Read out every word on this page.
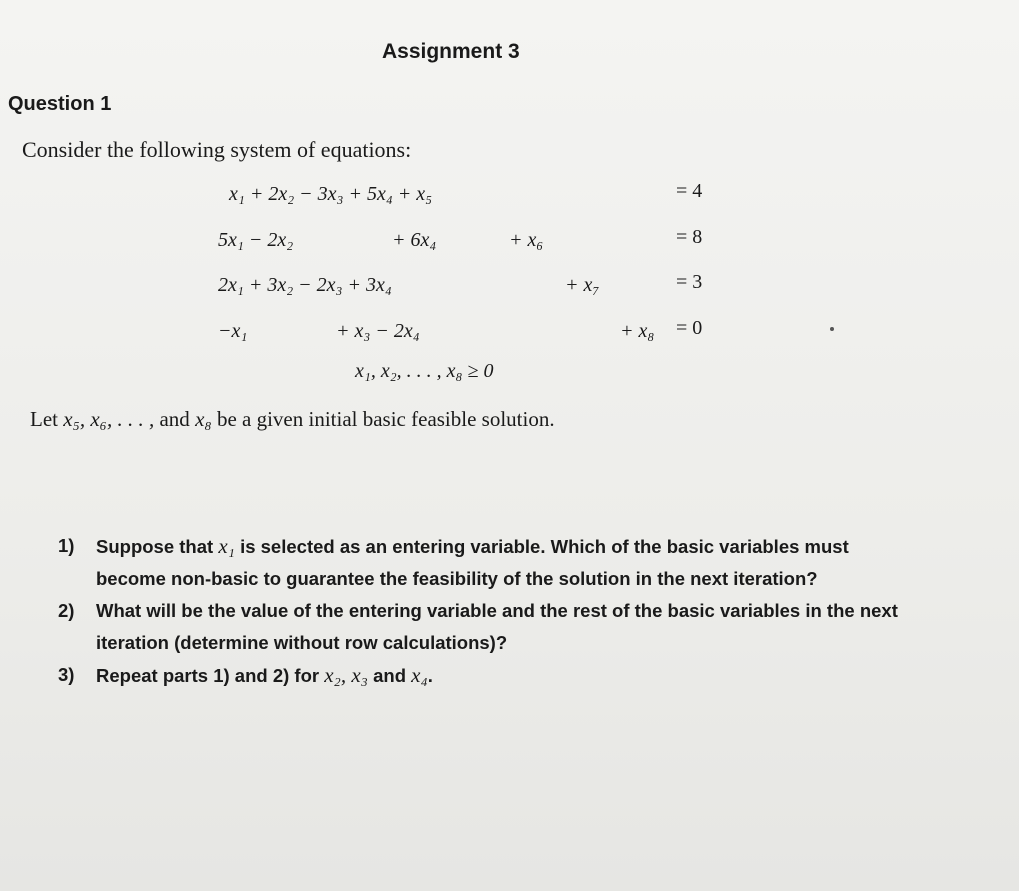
Assignment 3
Question 1
Consider the following system of equations:
x₁ + 2x₂ − 3x₃ + 5x₄ + x₅	= 4
5x₁ − 2x₂	+ 6x₄	+ x₆	= 8
2x₁ + 3x₂ − 2x₃ + 3x₄	+ x₇	= 3
−x₁	+ x₃ − 2x₄	+ x₈ = 0
x₁, x₂, . . . , x₈ ≥ 0
Let x₅, x₆, . . . , and x₈ be a given initial basic feasible solution.
1)	Suppose that x₁ is selected as an entering variable. Which of the basic variables must become non-basic to guarantee the feasibility of the solution in the next iteration?
2)	What will be the value of the entering variable and the rest of the basic variables in the next iteration (determine without row calculations)?
3)	Repeat parts 1) and 2) for x₂, x₃ and x₄.
